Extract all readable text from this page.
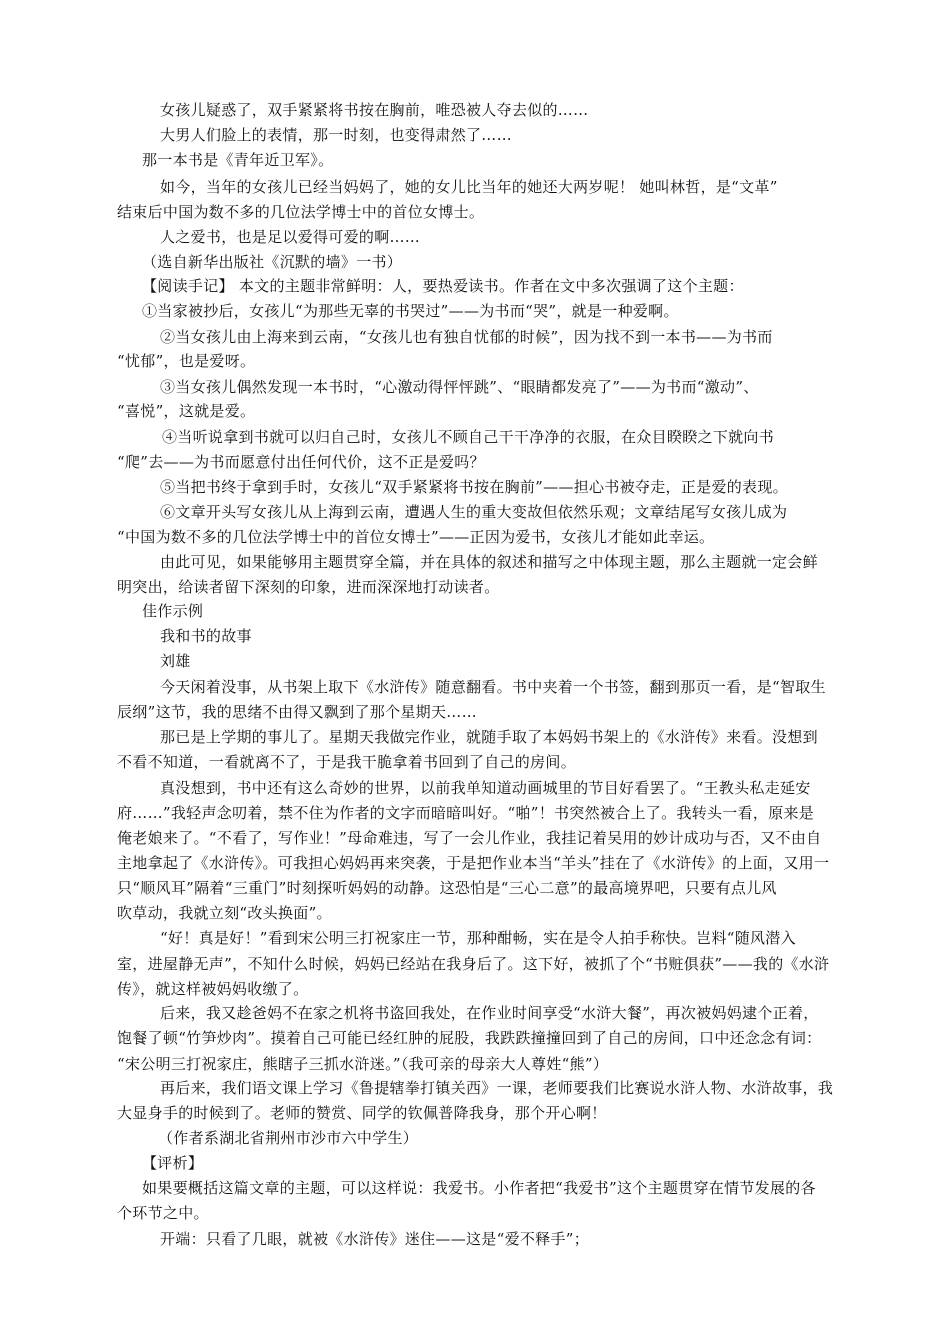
女孩儿疑惑了，双手紧紧将书按在胸前，唯恐被人夺去似的……
大男人们脸上的表情，那一时刻，也变得肃然了……
那一本书是《青年近卫军》。
如今，当年的女孩儿已经当妈妈了，她的女儿比当年的她还大两岁呢！ 她叫林哲，是“文革”
结束后中国为数不多的几位法学博士中的首位女博士。
人之爱书，也是足以爱得可爱的啊……
（选自新华出版社《沉默的墙》一书）
【阅读手记】 本文的主题非常鲜明：人，要热爱读书。作者在文中多次强调了这个主题：
①当家被抄后，女孩儿“为那些无辜的书哭过”——为书而“哭”，就是一种爱啊。
②当女孩儿由上海来到云南，“女孩儿也有独自忧郁的时候”，因为找不到一本书——为书而
“忧郁”，也是爱呀。
③当女孩儿偶然发现一本书时，“心激动得怦怦跳”、“眼睛都发亮了”——为书而“激动”、
“喜悦”，这就是爱。
④当听说拿到书就可以归自己时，女孩儿不顾自己干干净净的衣服，在众目睽睽之下就向书
“爬”去——为书而愿意付出任何代价，这不正是爱吗？
⑤当把书终于拿到手时，女孩儿“双手紧紧将书按在胸前”——担心书被夺走，正是爱的表现。
⑥文章开头写女孩儿从上海到云南，遭遇人生的重大变故但依然乐观；文章结尾写女孩儿成为
“中国为数不多的几位法学博士中的首位女博士”——正因为爱书，女孩儿才能如此幸运。
由此可见，如果能够用主题贯穿全篇，并在具体的叙述和描写之中体现主题，那么主题就一定会鲜
明突出，给读者留下深刻的印象，进而深深地打动读者。
佳作示例
我和书的故事
刘雄
今天闲着没事，从书架上取下《水浒传》随意翻看。书中夹着一个书签，翻到那页一看，是“智取生
辰纲”这节，我的思绪不由得又飘到了那个星期天……
那已是上学期的事儿了。星期天我做完作业，就随手取了本妈妈书架上的《水浒传》来看。没想到
不看不知道，一看就离不了，于是我干脆拿着书回到了自己的房间。
真没想到，书中还有这么奇妙的世界，以前我单知道动画城里的节目好看罢了。“王教头私走延安
府……”我轻声念叨着，禁不住为作者的文字而暗暗叫好。“啪”！书突然被合上了。我转头一看，原来是
俺老娘来了。“不看了，写作业！”母命难违，写了一会儿作业，我挂记着吴用的妙计成功与否，又不由自
主地拿起了《水浒传》。可我担心妈妈再来突袭，于是把作业本当“羊头”挂在了《水浒传》的上面，又用一
只“顺风耳”隔着“三重门”时刻探听妈妈的动静。这恐怕是“三心二意”的最高境界吧，只要有点儿风
吹草动，我就立刻“改头换面”。
“好！真是好！”看到宋公明三打祝家庄一节，那种酣畅，实在是令人拍手称快。岂料“随风潜入
室，进屋静无声”，不知什么时候，妈妈已经站在我身后了。这下好，被抓了个“书赃俱获”——我的《水浒
传》，就这样被妈妈收缴了。
后来，我又趁爸妈不在家之机将书盗回我处，在作业时间享受“水浒大餐”，再次被妈妈逮个正着，
饱餐了顿“竹笋炒肉”。摸着自己可能已经红肿的屁股，我跌跌撞撞回到了自己的房间，口中还念念有词：
“宋公明三打祝家庄，熊瞎子三抓水浒迷。”（我可亲的母亲大人尊姓“熊”）
再后来，我们语文课上学习《鲁提辖拳打镇关西》一课，老师要我们比赛说水浒人物、水浒故事，我
大显身手的时候到了。老师的赞赏、同学的钦佩普降我身，那个开心啊！
（作者系湖北省荆州市沙市六中学生）
【评析】
如果要概括这篇文章的主题，可以这样说：我爱书。小作者把“我爱书”这个主题贯穿在情节发展的各
个环节之中。
开端：只看了几眼，就被《水浒传》迷住——这是“爱不释手”；
